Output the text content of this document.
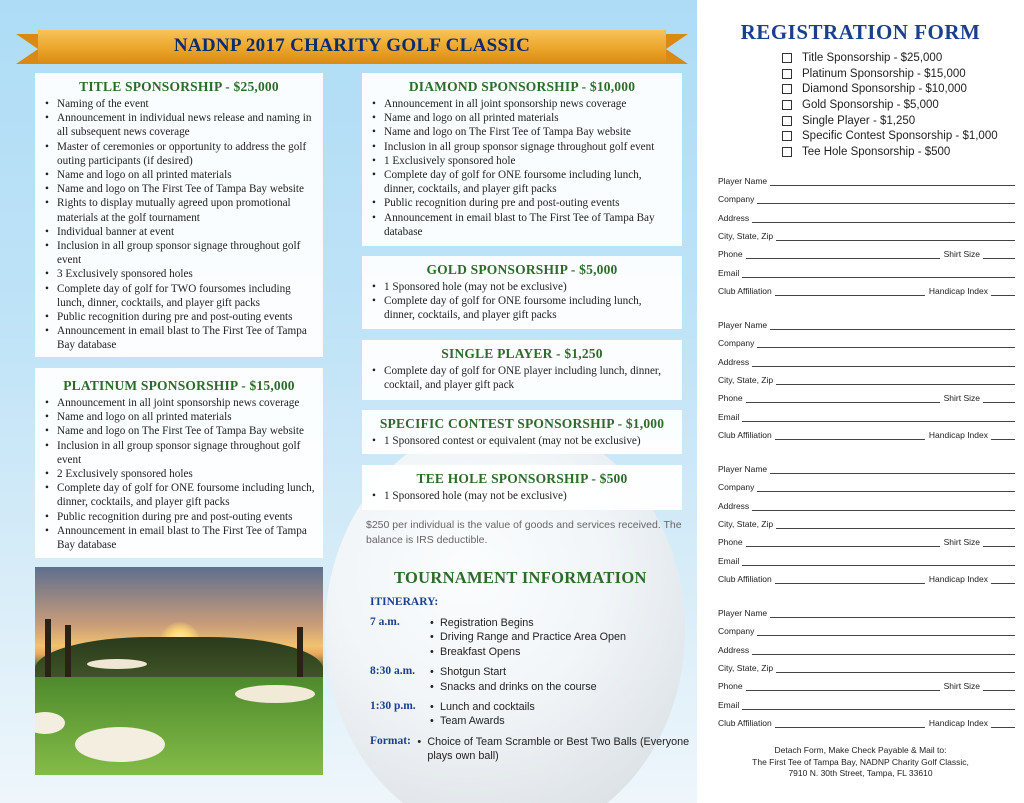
NADNP 2017 CHARITY GOLF CLASSIC
TITLE SPONSORSHIP - $25,000
• Naming of the event
• Announcement in individual news release and naming in all subsequent news coverage
• Master of ceremonies or opportunity to address the golf outing participants (if desired)
• Name and logo on all printed materials
• Name and logo on The First Tee of Tampa Bay website
• Rights to display mutually agreed upon promotional materials at the golf tournament
• Individual banner at event
• Inclusion in all group sponsor signage throughout golf event
• 3 Exclusively sponsored holes
• Complete day of golf for TWO foursomes including lunch, dinner, cocktails, and player gift packs
• Public recognition during pre and post-outing events
• Announcement in email blast to The First Tee of Tampa Bay database
PLATINUM SPONSORSHIP - $15,000
• Announcement in all joint sponsorship news coverage
• Name and logo on all printed materials
• Name and logo on The First Tee of Tampa Bay website
• Inclusion in all group sponsor signage throughout golf event
• 2 Exclusively sponsored holes
• Complete day of golf for ONE foursome including lunch, dinner, cocktails, and player gift packs
• Public recognition during pre and post-outing events
• Announcement in email blast to The First Tee of Tampa Bay database
DIAMOND SPONSORSHIP - $10,000
• Announcement in all joint sponsorship news coverage
• Name and logo on all printed materials
• Name and logo on The First Tee of Tampa Bay website
• Inclusion in all group sponsor signage throughout golf event
• 1 Exclusively sponsored hole
• Complete day of golf for ONE foursome including lunch, dinner, cocktails, and player gift packs
• Public recognition during pre and post-outing events
• Announcement in email blast to The First Tee of Tampa Bay database
GOLD SPONSORSHIP - $5,000
• 1 Sponsored hole (may not be exclusive)
• Complete day of golf for ONE foursome including lunch, dinner, cocktails, and player gift packs
SINGLE PLAYER - $1,250
• Complete day of golf for ONE player including lunch, dinner, cocktail, and player gift pack
SPECIFIC CONTEST SPONSORSHIP - $1,000
• 1 Sponsored contest or equivalent (may not be exclusive)
TEE HOLE SPONSORSHIP - $500
• 1 Sponsored hole (may not be exclusive)
$250 per individual is the value of goods and services received. The balance is IRS deductible.
TOURNAMENT INFORMATION
ITINERARY:
7 a.m.	• Registration Begins
• Driving Range and Practice Area Open
• Breakfast Opens
8:30 a.m.	• Shotgun Start
• Snacks and drinks on the course
1:30 p.m.	• Lunch and cocktails
• Team Awards
Format:	• Choice of Team Scramble or Best Two Balls (Everyone plays own ball)
REGISTRATION FORM
Title Sponsorship - $25,000
Platinum Sponsorship - $15,000
Diamond Sponsorship - $10,000
Gold Sponsorship - $5,000
Single Player - $1,250
Specific Contest Sponsorship - $1,000
Tee Hole Sponsorship - $500
Player Name
Company
Address
City, State, Zip
Phone	Shirt Size
Email
Club Affiliation	Handicap Index
Player Name
Company
Address
City, State, Zip
Phone	Shirt Size
Email
Club Affiliation	Handicap Index
Player Name
Company
Address
City, State, Zip
Phone	Shirt Size
Email
Club Affiliation	Handicap Index
Player Name
Company
Address
City, State, Zip
Phone	Shirt Size
Email
Club Affiliation	Handicap Index
Detach Form, Make Check Payable & Mail to:
The First Tee of Tampa Bay, NADNP Charity Golf Classic,
7910 N. 30th Street, Tampa, FL 33610
